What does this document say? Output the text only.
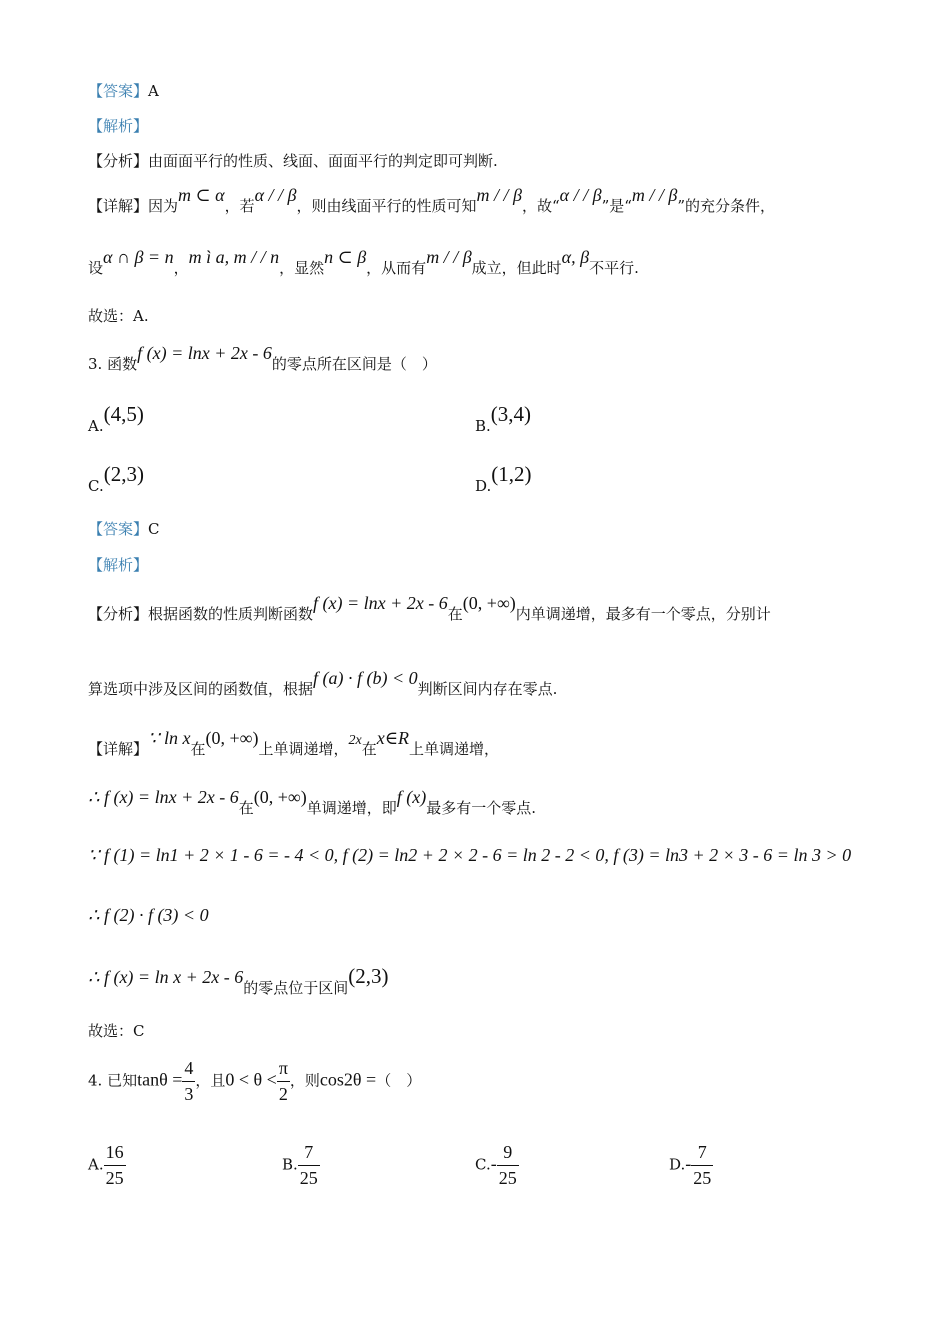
【答案】A
【解析】
【分析】由面面平行的性质、线面、面面平行的判定即可判断.
【详解】因为m ⊂ α，若α / / β，则由线面平行的性质可知m / / β，故“α / / β”是“m / / β”的充分条件，
设α ∩ β = n，m ì a, m / / n，显然n ⊂ β，从而有m / / β成立，但此时α, β不平行.
故选：A.
3. 函数f (x) = lnx + 2x - 6的零点所在区间是（　）
A.(4,5)	B.(3,4)
C.(2,3)	D.(1,2)
【答案】C
【解析】
【分析】根据函数的性质判断函数f (x) = lnx + 2x - 6在(0, +∞)内单调递增，最多有一个零点，分别计
算选项中涉及区间的函数值，根据f (a) · f (b) < 0判断区间内存在零点.
【详解】∵ ln x在(0, +∞)上单调递增，2x在x∈R上单调递增，
∴ f (x) = lnx + 2x - 6在(0, +∞)单调递增，即f (x)最多有一个零点.
∵ f (1) = ln1 + 2 × 1 - 6 = - 4 < 0, f (2) = ln2 + 2 × 2 - 6 = ln 2 - 2 < 0, f (3) = ln3 + 2 × 3 - 6 = ln 3 > 0
∴ f (2) · f (3) < 0
∴ f (x) = ln x + 2x - 6的零点位于区间(2,3)
故选：C
4. 已知$\tan\theta = \frac{4}{3}$ ，且$0 < \theta < \frac{\pi}{2}$ ，则cos2θ =（　）
A. $\frac{16}{25}$	B. $\frac{7}{25}$	$C.- \frac{9}{25}$	$D.- \frac{7}{25}$
